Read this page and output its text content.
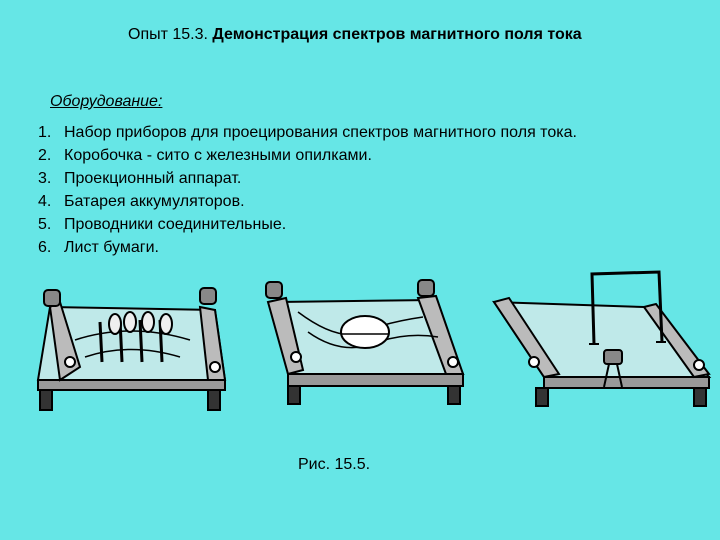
Опыт 15.3. Демонстрация спектров магнитного поля тока
Оборудование:
1. Набор приборов для проецирования спектров магнитного поля тока.
2. Коробочка - сито с железными опилками.
3. Проекционный аппарат.
4. Батарея аккумуляторов.
5. Проводники соединительные.
6. Лист бумаги.
Рис. 15.5.
